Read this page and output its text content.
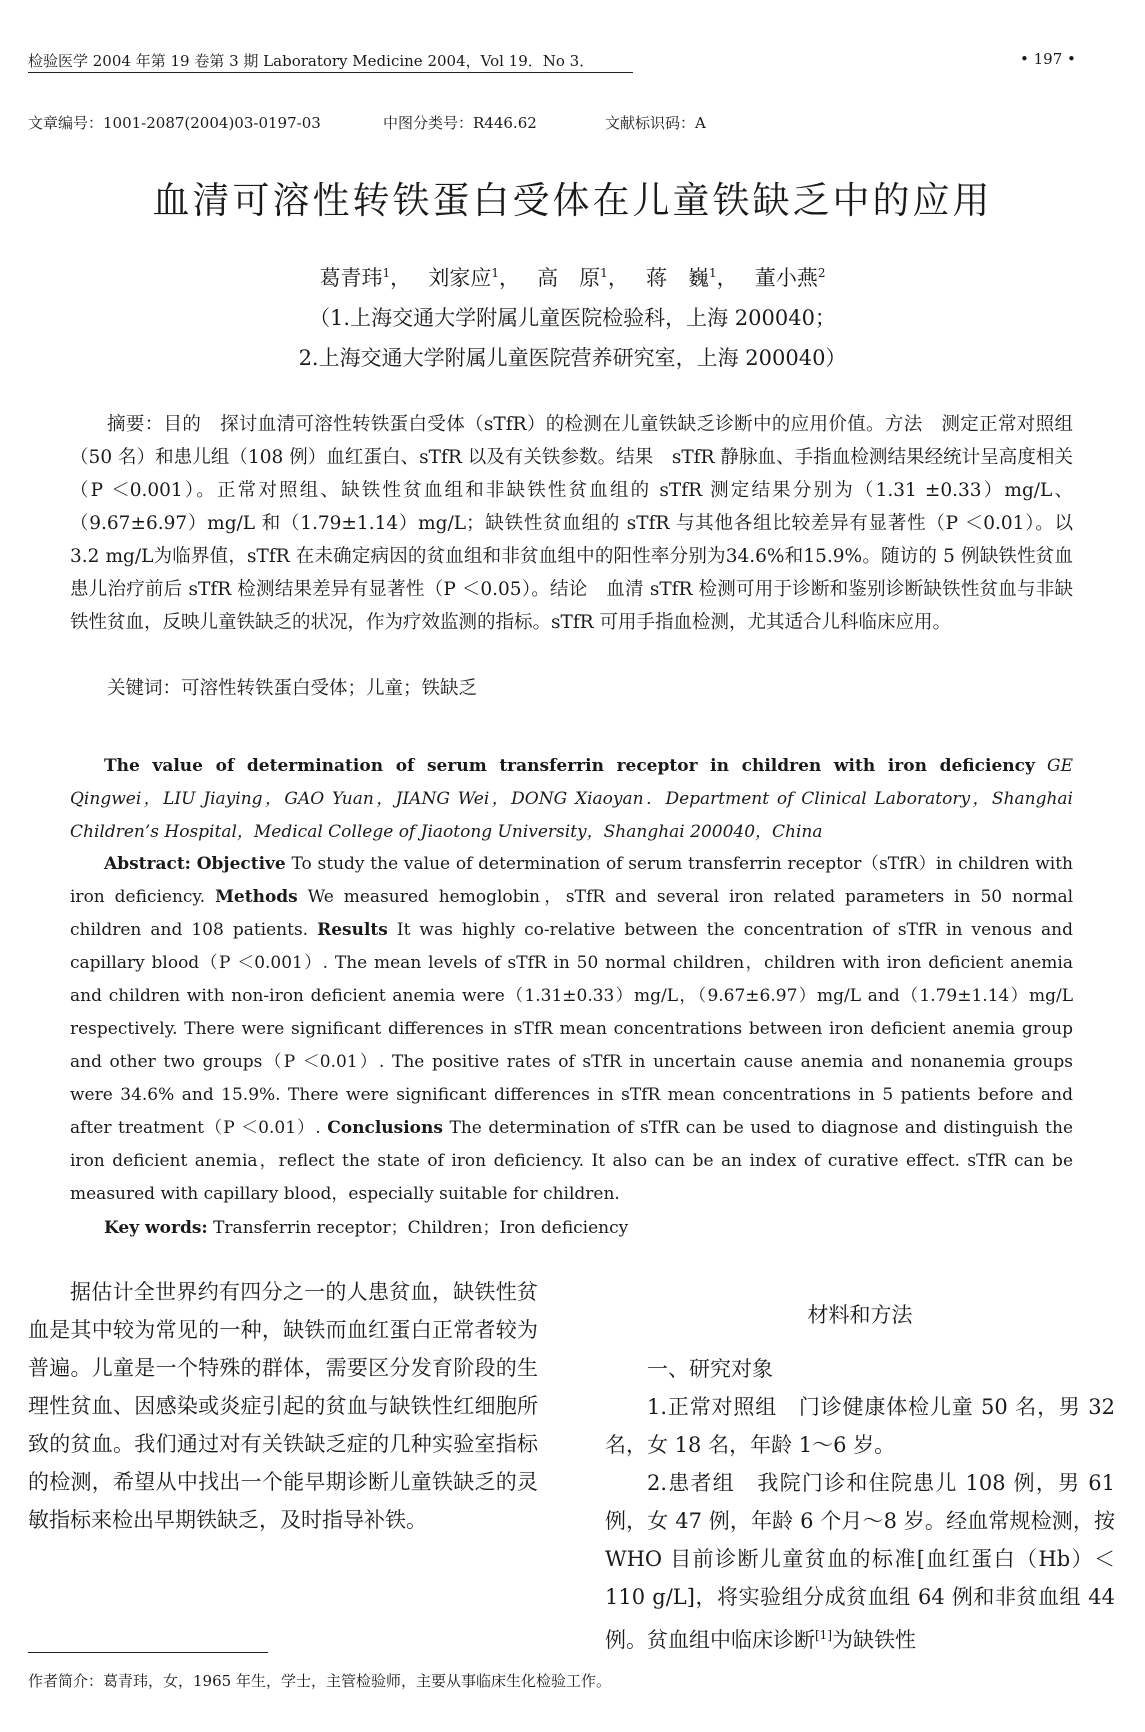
检验医学 2004 年第 19 卷第 3 期 Laboratory Medicine 2004，Vol 19．No 3．	• 197 •
文章编号：1001-2087(2004)03-0197-03	中图分类号：R446.62	文献标识码：A
血清可溶性转铁蛋白受体在儿童铁缺乏中的应用
葛青玮$^1$，　 刘家应$^1$，　 高　原$^1$，　 蒋　巍$^1$，　 董小燕$^2$
（1.上海交通大学附属儿童医院检验科，上海 200040；
2.上海交通大学附属儿童医院营养研究室，上海 200040）
摘要：目的　探讨血清可溶性转铁蛋白受体（sTfR）的检测在儿童铁缺乏诊断中的应用价值。方法　测定正常对照组（50 名）和患儿组（108 例）血红蛋白、sTfR 以及有关铁参数。结果　sTfR 静脉血、手指血检测结果经统计呈高度相关（P ＜0.001）。正常对照组、缺铁性贫血组和非缺铁性贫血组的 sTfR 测定结果分别为（1.31 ±0.33）mg/L、（9.67±6.97）mg/L 和（1.79±1.14）mg/L；缺铁性贫血组的 sTfR 与其他各组比较差异有显著性（P ＜0.01）。以3.2 mg/L为临界值，sTfR 在未确定病因的贫血组和非贫血组中的阳性率分别为34.6%和15.9%。随访的 5 例缺铁性贫血患儿治疗前后 sTfR 检测结果差异有显著性（P ＜0.05）。结论　血清 sTfR 检测可用于诊断和鉴别诊断缺铁性贫血与非缺铁性贫血，反映儿童铁缺乏的状况，作为疗效监测的指标。sTfR 可用手指血检测，尤其适合儿科临床应用。
关键词：可溶性转铁蛋白受体；儿童；铁缺乏
The value of determination of serum transferrin receptor in children with iron deficiency GE Qingwei，LIU Jiaying，GAO Yuan，JIANG Wei，DONG Xiaoyan．Department of Clinical Laboratory，Shanghai Children’s Hospital，Medical College of Jiaotong University，Shanghai 200040，China
Abstract: Objective To study the value of determination of serum transferrin receptor（sTfR）in children with iron deficiency. Methods We measured hemoglobin，sTfR and several iron related parameters in 50 normal children and 108 patients. Results It was highly co-relative between the concentration of sTfR in venous and capillary blood（P ＜0.001）. The mean levels of sTfR in 50 normal children，children with iron deficient anemia and children with non-iron deficient anemia were（1.31±0.33）mg/L，（9.67±6.97）mg/L and（1.79±1.14）mg/L respectively. There were significant differences in sTfR mean concentrations between iron deficient anemia group and other two groups（P ＜0.01）. The positive rates of sTfR in uncertain cause anemia and nonanemia groups were 34.6% and 15.9%. There were significant differences in sTfR mean concentrations in 5 patients before and after treatment（P ＜0.01）. Conclusions The determination of sTfR can be used to diagnose and distinguish the iron deficient anemia，reflect the state of iron deficiency. It also can be an index of curative effect. sTfR can be measured with capillary blood，especially suitable for children.
Key words: Transferrin receptor；Children；Iron deficiency
据估计全世界约有四分之一的人患贫血，缺铁性贫血是其中较为常见的一种，缺铁而血红蛋白正常者较为普遍。儿童是一个特殊的群体，需要区分发育阶段的生理性贫血、因感染或炎症引起的贫血与缺铁性红细胞所致的贫血。我们通过对有关铁缺乏症的几种实验室指标的检测，希望从中找出一个能早期诊断儿童铁缺乏的灵敏指标来检出早期铁缺乏，及时指导补铁。
材料和方法
一、研究对象
1.正常对照组　门诊健康体检儿童 50 名，男 32 名，女 18 名，年龄 1～6 岁。
2.患者组　我院门诊和住院患儿 108 例，男 61 例，女 47 例，年龄 6 个月～8 岁。经血常规检测，按 WHO 目前诊断儿童贫血的标准[血红蛋白（Hb）＜110 g/L]，将实验组分成贫血组 64 例和非贫血组 44 例。贫血组中临床诊断[1]为缺铁性
作者简介：葛青玮，女，1965 年生，学士，主管检验师，主要从事临床生化检验工作。
